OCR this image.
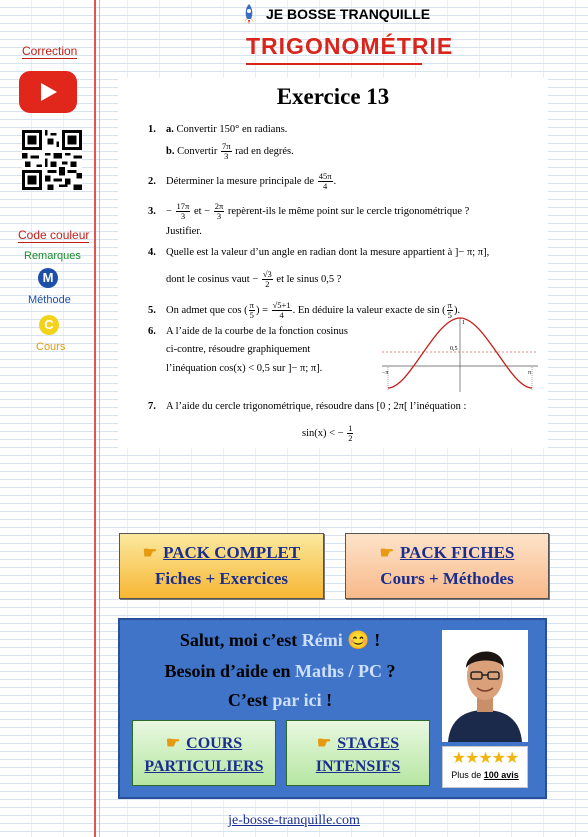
JE BOSSE TRANQUILLE
TRIGONOMÉTRIE
Correction
Code couleur
Remarques
M
Méthode
C
Cours
Exercice 13
1. a. Convertir 150° en radians.
b. Convertir $\frac{7\pi}{3}$ rad en degrés.
2. Déterminer la mesure principale de $\frac{45\pi}{4}$ .
3. − $\frac{17\pi}{3}$ et − $\frac{2\pi}{3}$ repèrent-ils le même point sur le cercle trigonométrique ?
Justifier.
4. Quelle est la valeur d’un angle en radian dont la mesure appartient à ]− π; π],
dont le cosinus vaut − $\frac{√3}{2}$ et le sinus 0,5 ?
5. On admet que cos ( $\frac{\pi}{5}$ ) = $\frac{√5+1}{4}$ . En déduire la valeur exacte de sin ( $\frac{\pi}{5}$ ).
6. A l’aide de la courbe de la fonction cosinus
ci-contre, résoudre graphiquement
l’inéquation cos(x) < 0,5 sur ]− π; π].
1
0,5
−π	π
7. A l’aide du cercle trigonométrique, résoudre dans [0 ; 2π[ l’inéquation :
sin(x) < − $\frac{1}{2}$
☛ PACK COMPLET
Fiches + Exercices
☛ PACK FICHES
Cours + Méthodes
Salut, moi c’est Rémi 😊 !
Besoin d’aide en Maths / PC ?
C’est par ici !
☛ COURS
PARTICULIERS
☛ STAGES
INTENSIFS	★★★★★
Plus de 100 avis
je-bosse-tranquille.com
